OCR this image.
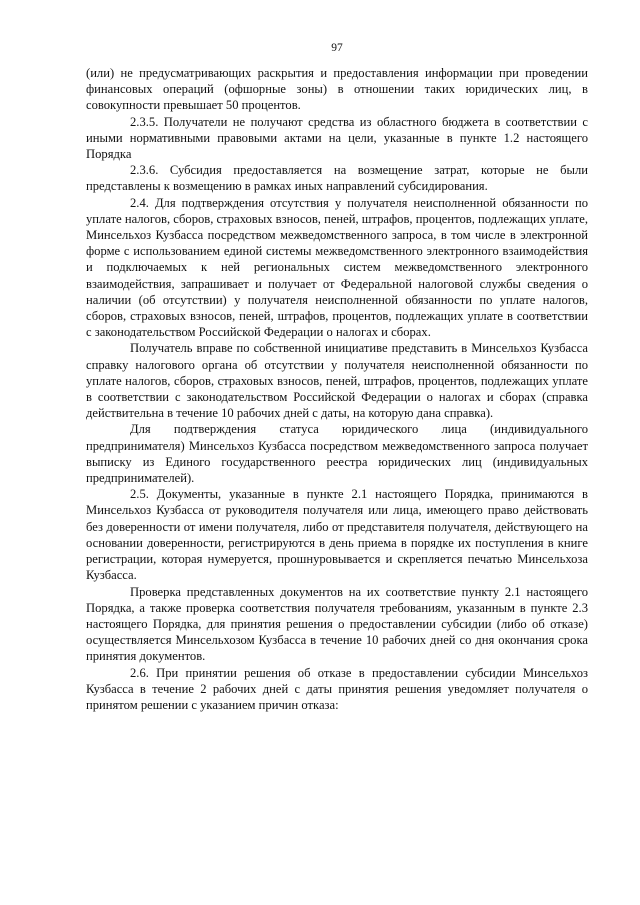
97

(или) не предусматривающих раскрытия и предоставления информации при проведении финансовых операций (офшорные зоны) в отношении таких юридических лиц, в совокупности превышает 50 процентов.

2.3.5. Получатели не получают средства из областного бюджета в соответствии с иными нормативными правовыми актами на цели, указанные в пункте 1.2 настоящего Порядка

2.3.6. Субсидия предоставляется на возмещение затрат, которые не были представлены к возмещению в рамках иных направлений субсидирования.

2.4. Для подтверждения отсутствия у получателя неисполненной обязанности по уплате налогов, сборов, страховых взносов, пеней, штрафов, процентов, подлежащих уплате, Минсельхоз Кузбасса посредством межведомственного запроса, в том числе в электронной форме с использованием единой системы межведомственного электронного взаимодействия и подключаемых к ней региональных систем межведомственного электронного взаимодействия, запрашивает и получает от Федеральной налоговой службы сведения о наличии (об отсутствии) у получателя неисполненной обязанности по уплате налогов, сборов, страховых взносов, пеней, штрафов, процентов, подлежащих уплате в соответствии с законодательством Российской Федерации о налогах и сборах.

Получатель вправе по собственной инициативе представить в Минсельхоз Кузбасса справку налогового органа об отсутствии у получателя неисполненной обязанности по уплате налогов, сборов, страховых взносов, пеней, штрафов, процентов, подлежащих уплате в соответствии с законодательством Российской Федерации о налогах и сборах (справка действительна в течение 10 рабочих дней с даты, на которую дана справка).

Для подтверждения статуса юридического лица (индивидуального предпринимателя) Минсельхоз Кузбасса посредством межведомственного запроса получает выписку из Единого государственного реестра юридических лиц (индивидуальных предпринимателей).

2.5. Документы, указанные в пункте 2.1 настоящего Порядка, принимаются в Минсельхоз Кузбасса от руководителя получателя или лица, имеющего право действовать без доверенности от имени получателя, либо от представителя получателя, действующего на основании доверенности, регистрируются в день приема в порядке их поступления в книге регистрации, которая нумеруется, прошнуровывается и скрепляется печатью Минсельхоза Кузбасса.

Проверка представленных документов на их соответствие пункту 2.1 настоящего Порядка, а также проверка соответствия получателя требованиям, указанным в пункте 2.3 настоящего Порядка, для принятия решения о предоставлении субсидии (либо об отказе) осуществляется Минсельхозом Кузбасса в течение 10 рабочих дней со дня окончания срока принятия документов.

2.6. При принятии решения об отказе в предоставлении субсидии Минсельхоз Кузбасса в течение 2 рабочих дней с даты принятия решения уведомляет получателя о принятом решении с указанием причин отказа:
